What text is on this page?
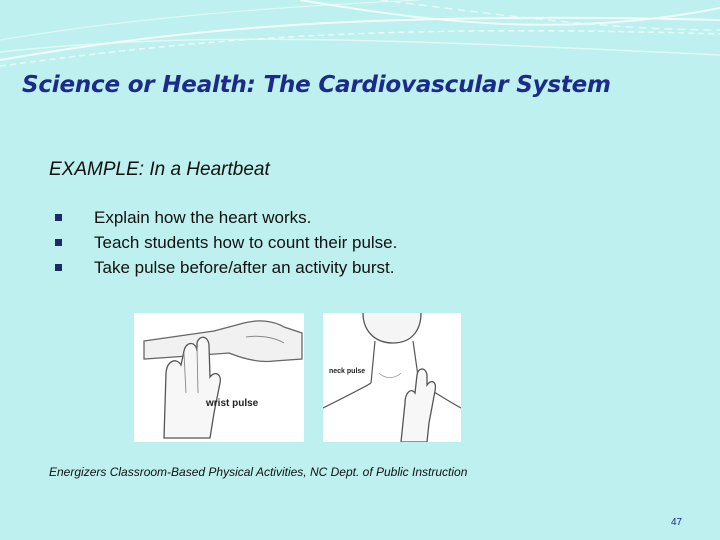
Science or Health: The Cardiovascular System
EXAMPLE: In a Heartbeat
Explain how the heart works.
Teach students how to count their pulse.
Take pulse before/after an activity burst.
wrist pulse
neck pulse
Energizers Classroom-Based Physical Activities, NC Dept. of Public Instruction
47
